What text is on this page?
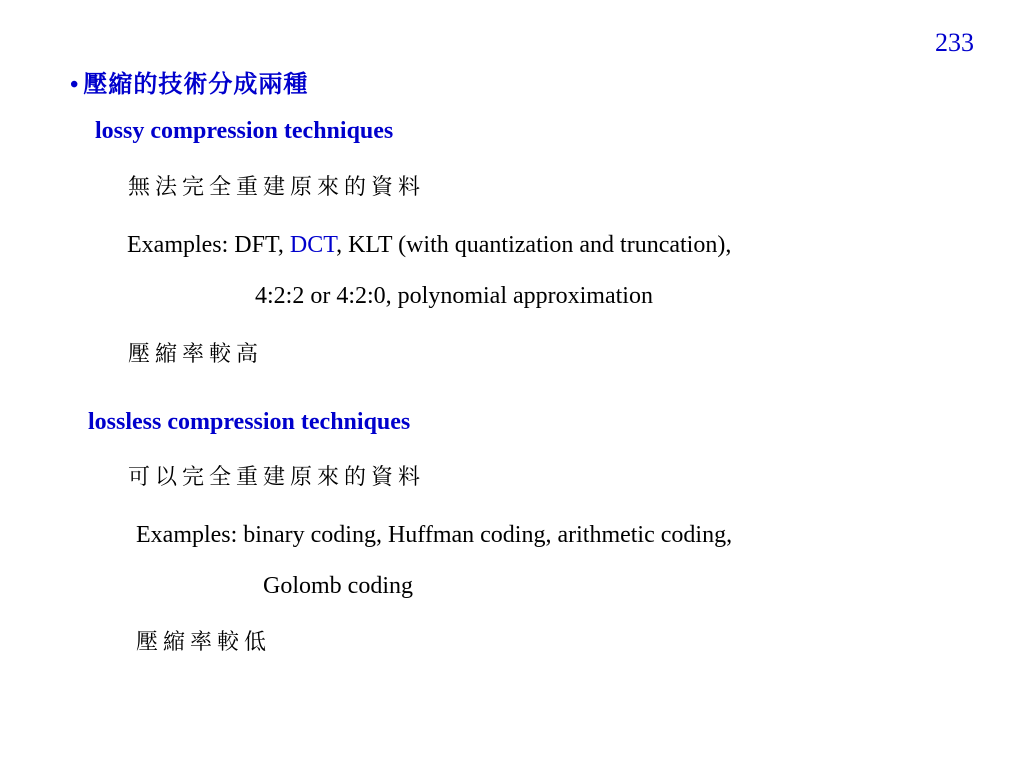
233
• 壓縮的技術分成兩種
lossy compression techniques
無法完全重建原來的資料
Examples: DFT, DCT, KLT (with quantization and truncation),
4:2:2 or 4:2:0, polynomial approximation
壓縮率較高
lossless compression techniques
可以完全重建原來的資料
Examples: binary coding, Huffman coding, arithmetic coding,
Golomb coding
壓縮率較低
